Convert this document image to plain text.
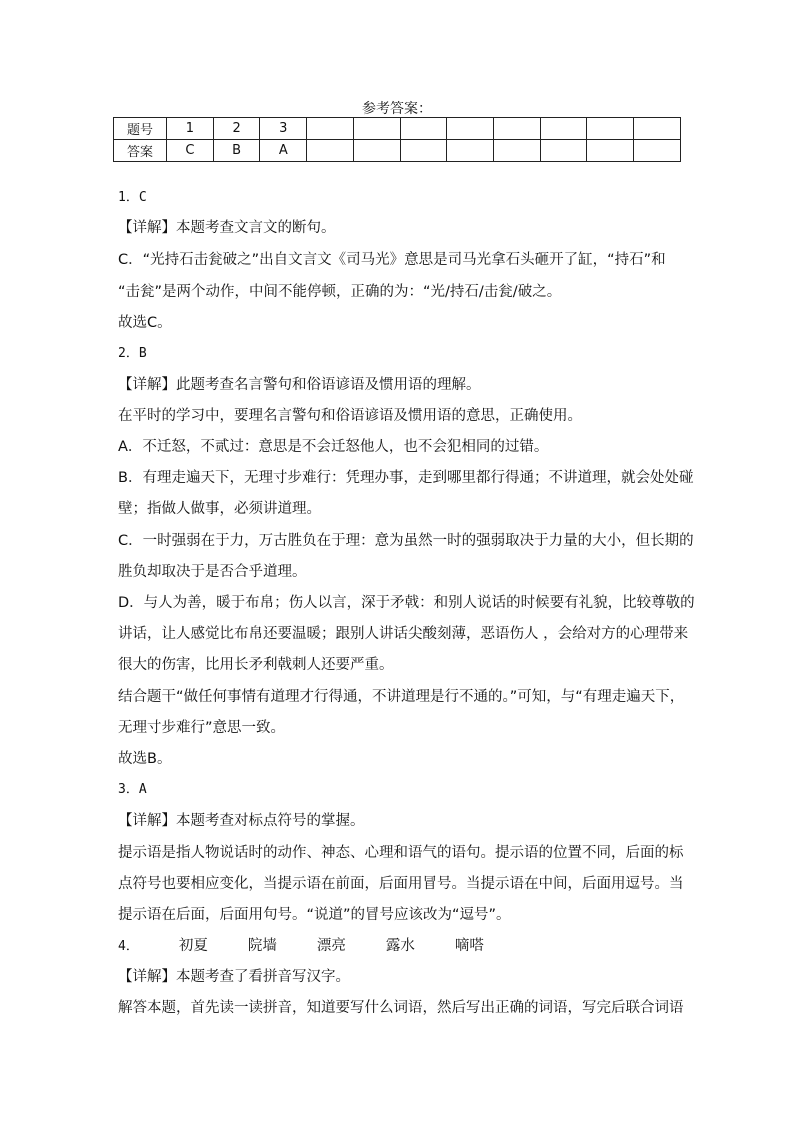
参考答案：
题号	1	2	3								
答案	C	B	A								
1．C
【详解】本题考查文言文的断句。
C．“光持石击瓮破之”出自文言文《司马光》意思是司马光拿石头砸开了缸，“持石”和
“击瓮”是两个动作，中间不能停顿，正确的为：“光/持石/击瓮/破之。
故选C。
2．B
【详解】此题考查名言警句和俗语谚语及惯用语的理解。
在平时的学习中，要理名言警句和俗语谚语及惯用语的意思，正确使用。
A．不迁怒，不贰过：意思是不会迁怒他人，也不会犯相同的过错。
B．有理走遍天下，无理寸步难行：凭理办事，走到哪里都行得通；不讲道理，就会处处碰
壁；指做人做事，必须讲道理。
C．一时强弱在于力，万古胜负在于理：意为虽然一时的强弱取决于力量的大小，但长期的
胜负却取决于是否合乎道理。
D．与人为善，暖于布帛；伤人以言，深于矛戟：和别人说话的时候要有礼貌，比较尊敬的
讲话，让人感觉比布帛还要温暖；跟别人讲话尖酸刻薄，恶语伤人 ，会给对方的心理带来
很大的伤害，比用长矛利戟刺人还要严重。
结合题干“做任何事情有道理才行得通，不讲道理是行不通的。”可知，与“有理走遍天下，
无理寸步难行”意思一致。
故选B。
3．A
【详解】本题考查对标点符号的掌握。
提示语是指人物说话时的动作、神态、心理和语气的语句。提示语的位置不同，后面的标
点符号也要相应变化，当提示语在前面，后面用冒号。当提示语在中间，后面用逗号。当
提示语在后面，后面用句号。“说道”的冒号应该改为“逗号”。
4．	初夏	院墙	漂亮	露水	嘀嗒
【详解】本题考查了看拼音写汉字。
解答本题，首先读一读拼音，知道要写什么词语，然后写出正确的词语，写完后联合词语
